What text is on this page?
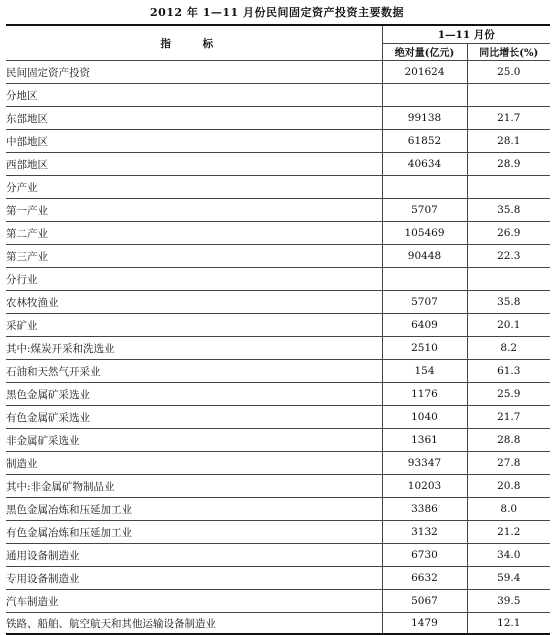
2012 年 1—11 月份民间固定资产投资主要数据
指 标	1—11 月份	
	绝对量(亿元)	同比增长(%)
民间固定资产投资	201624	25.0
分地区		
东部地区	99138	21.7
中部地区	61852	28.1
西部地区	40634	28.9
分产业		
第一产业	5707	35.8
第二产业	105469	26.9
第三产业	90448	22.3
分行业		
农林牧渔业	5707	35.8
采矿业	6409	20.1
其中:煤炭开采和洗选业	2510	8.2
石油和天然气开采业	154	61.3
黑色金属矿采选业	1176	25.9
有色金属矿采选业	1040	21.7
非金属矿采选业	1361	28.8
制造业	93347	27.8
其中:非金属矿物制品业	10203	20.8
黑色金属冶炼和压延加工业	3386	8.0
有色金属冶炼和压延加工业	3132	21.2
通用设备制造业	6730	34.0
专用设备制造业	6632	59.4
汽车制造业	5067	39.5
铁路、船舶、航空航天和其他运输设备制造业	1479	12.1
